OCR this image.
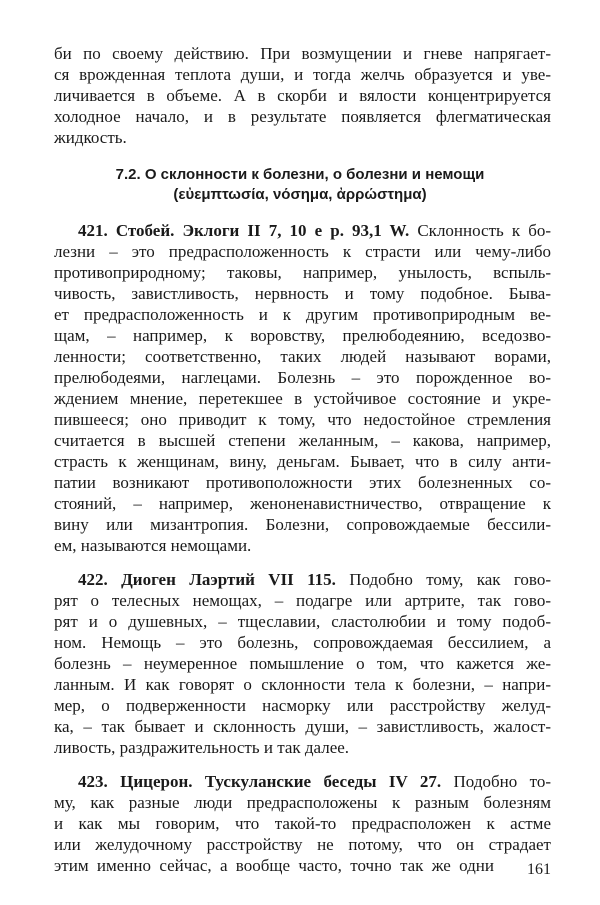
би по своему действию. При возмущении и гневе напрягает-
ся врожденная теплота души, и тогда желчь образуется и уве-
личивается в объеме. А в скорби и вялости концентрируется
холодное начало, и в результате появляется флегматическая
жидкость.
7.2. О склонности к болезни, о болезни и немощи
(εὐεμπτωσία, νόσημα, ἀρρώστημα)
421. Стобей. Эклоги II 7, 10 e p. 93,1 W. Склонность к бо-
лезни – это предрасположенность к страсти или чему-либо
противоприродному; таковы, например, унылость, вспыль-
чивость, завистливость, нервность и тому подобное. Быва-
ет предрасположенность и к другим противоприродным ве-
щам, – например, к воровству, прелюбодеянию, вседозво-
ленности; соответственно, таких людей называют ворами,
прелюбодеями, наглецами. Болезнь – это порожденное во-
ждением мнение, перетекшее в устойчивое состояние и укре-
пившееся; оно приводит к тому, что недостойное стремления
считается в высшей степени желанным, – какова, например,
страсть к женщинам, вину, деньгам. Бывает, что в силу анти-
патии возникают противоположности этих болезненных со-
стояний, – например, женоненавистничество, отвращение к
вину или мизантропия. Болезни, сопровождаемые бессили-
ем, называются немощами.
422. Диоген Лаэртий VII 115. Подобно тому, как гово-
рят о телесных немощах, – подагре или артрите, так гово-
рят и о душевных, – тщеславии, сластолюбии и тому подоб-
ном. Немощь – это болезнь, сопровождаемая бессилием, а
болезнь – неумеренное помышление о том, что кажется же-
ланным. И как говорят о склонности тела к болезни, – напри-
мер, о подверженности насморку или расстройству желуд-
ка, – так бывает и склонность души, – завистливость, жалост-
ливость, раздражительность и так далее.
423. Цицерон. Тускуланские беседы IV 27. Подобно то-
му, как разные люди предрасположены к разным болезням
и как мы говорим, что такой-то предрасположен к астме
или желудочному расстройству не потому, что он страдает
этим именно сейчас, а вообще часто, точно так же одни 161
